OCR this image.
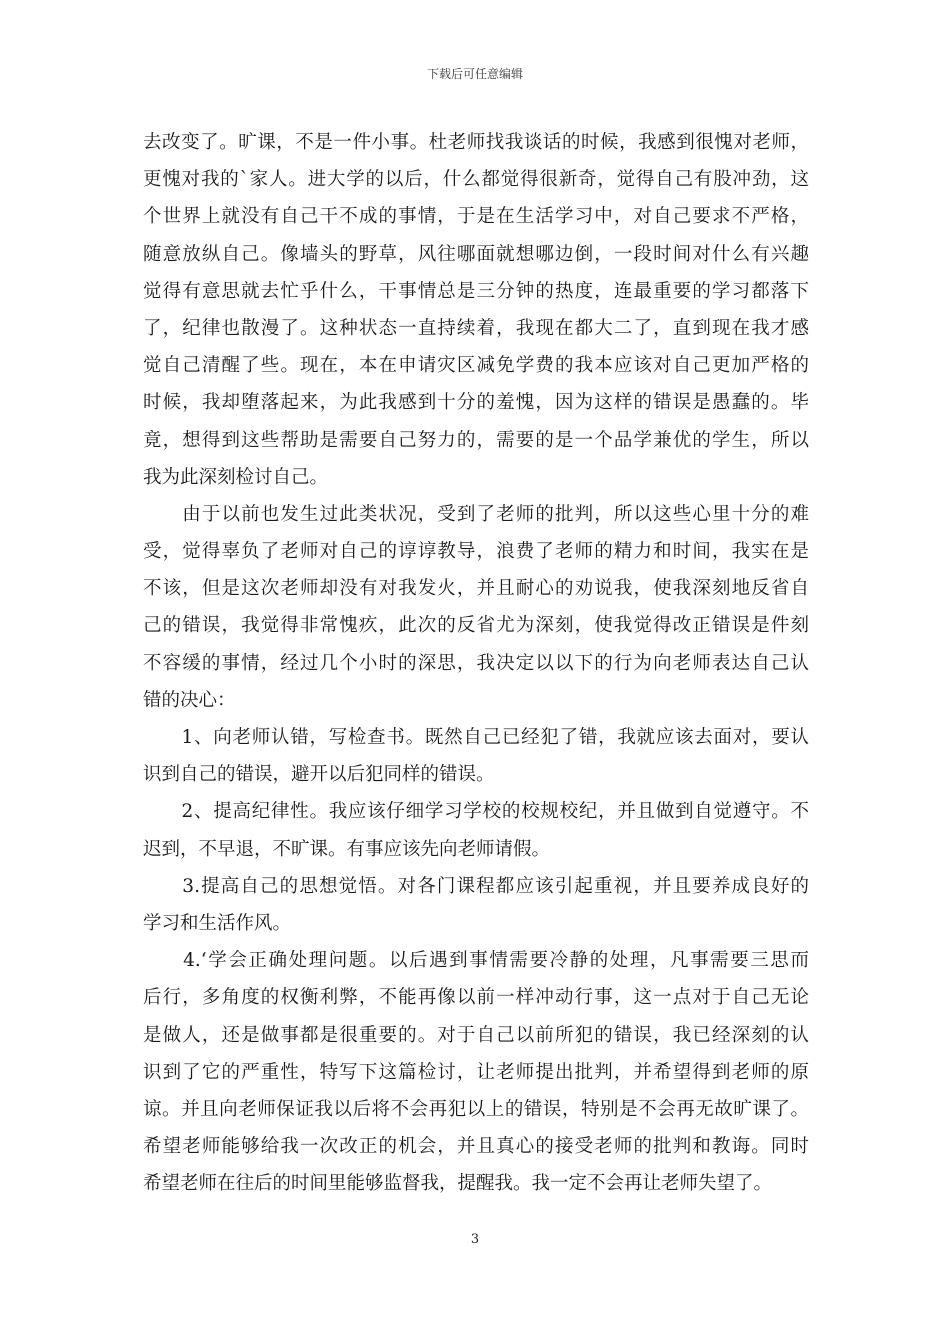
下载后可任意编辑
去改变了。旷课，不是一件小事。杜老师找我谈话的时候，我感到很愧对老师，
更愧对我的`家人。进大学的以后，什么都觉得很新奇，觉得自己有股冲劲，这
个世界上就没有自己干不成的事情，于是在生活学习中，对自己要求不严格，
随意放纵自己。像墙头的野草，风往哪面就想哪边倒，一段时间对什么有兴趣
觉得有意思就去忙乎什么，干事情总是三分钟的热度，连最重要的学习都落下
了，纪律也散漫了。这种状态一直持续着，我现在都大二了，直到现在我才感
觉自己清醒了些。现在，本在申请灾区减免学费的我本应该对自己更加严格的
时候，我却堕落起来，为此我感到十分的羞愧，因为这样的错误是愚蠢的。毕
竟，想得到这些帮助是需要自己努力的，需要的是一个品学兼优的学生，所以
我为此深刻检讨自己。
　　由于以前也发生过此类状况，受到了老师的批判，所以这些心里十分的难
受，觉得辜负了老师对自己的谆谆教导，浪费了老师的精力和时间，我实在是
不该，但是这次老师却没有对我发火，并且耐心的劝说我，使我深刻地反省自
己的错误，我觉得非常愧疚，此次的反省尤为深刻，使我觉得改正错误是件刻
不容缓的事情，经过几个小时的深思，我决定以以下的行为向老师表达自己认
错的决心：
　　1、向老师认错，写检查书。既然自己已经犯了错，我就应该去面对，要认
识到自己的错误，避开以后犯同样的错误。
　　2、提高纪律性。我应该仔细学习学校的校规校纪，并且做到自觉遵守。不
迟到，不早退，不旷课。有事应该先向老师请假。
　　3.提高自己的思想觉悟。对各门课程都应该引起重视，并且要养成良好的
学习和生活作风。
　　4.‘学会正确处理问题。以后遇到事情需要冷静的处理，凡事需要三思而
后行，多角度的权衡利弊，不能再像以前一样冲动行事，这一点对于自己无论
是做人，还是做事都是很重要的。对于自己以前所犯的错误，我已经深刻的认
识到了它的严重性，特写下这篇检讨，让老师提出批判，并希望得到老师的原
谅。并且向老师保证我以后将不会再犯以上的错误，特别是不会再无故旷课了。
希望老师能够给我一次改正的机会，并且真心的接受老师的批判和教诲。同时
希望老师在往后的时间里能够监督我，提醒我。我一定不会再让老师失望了。
3
